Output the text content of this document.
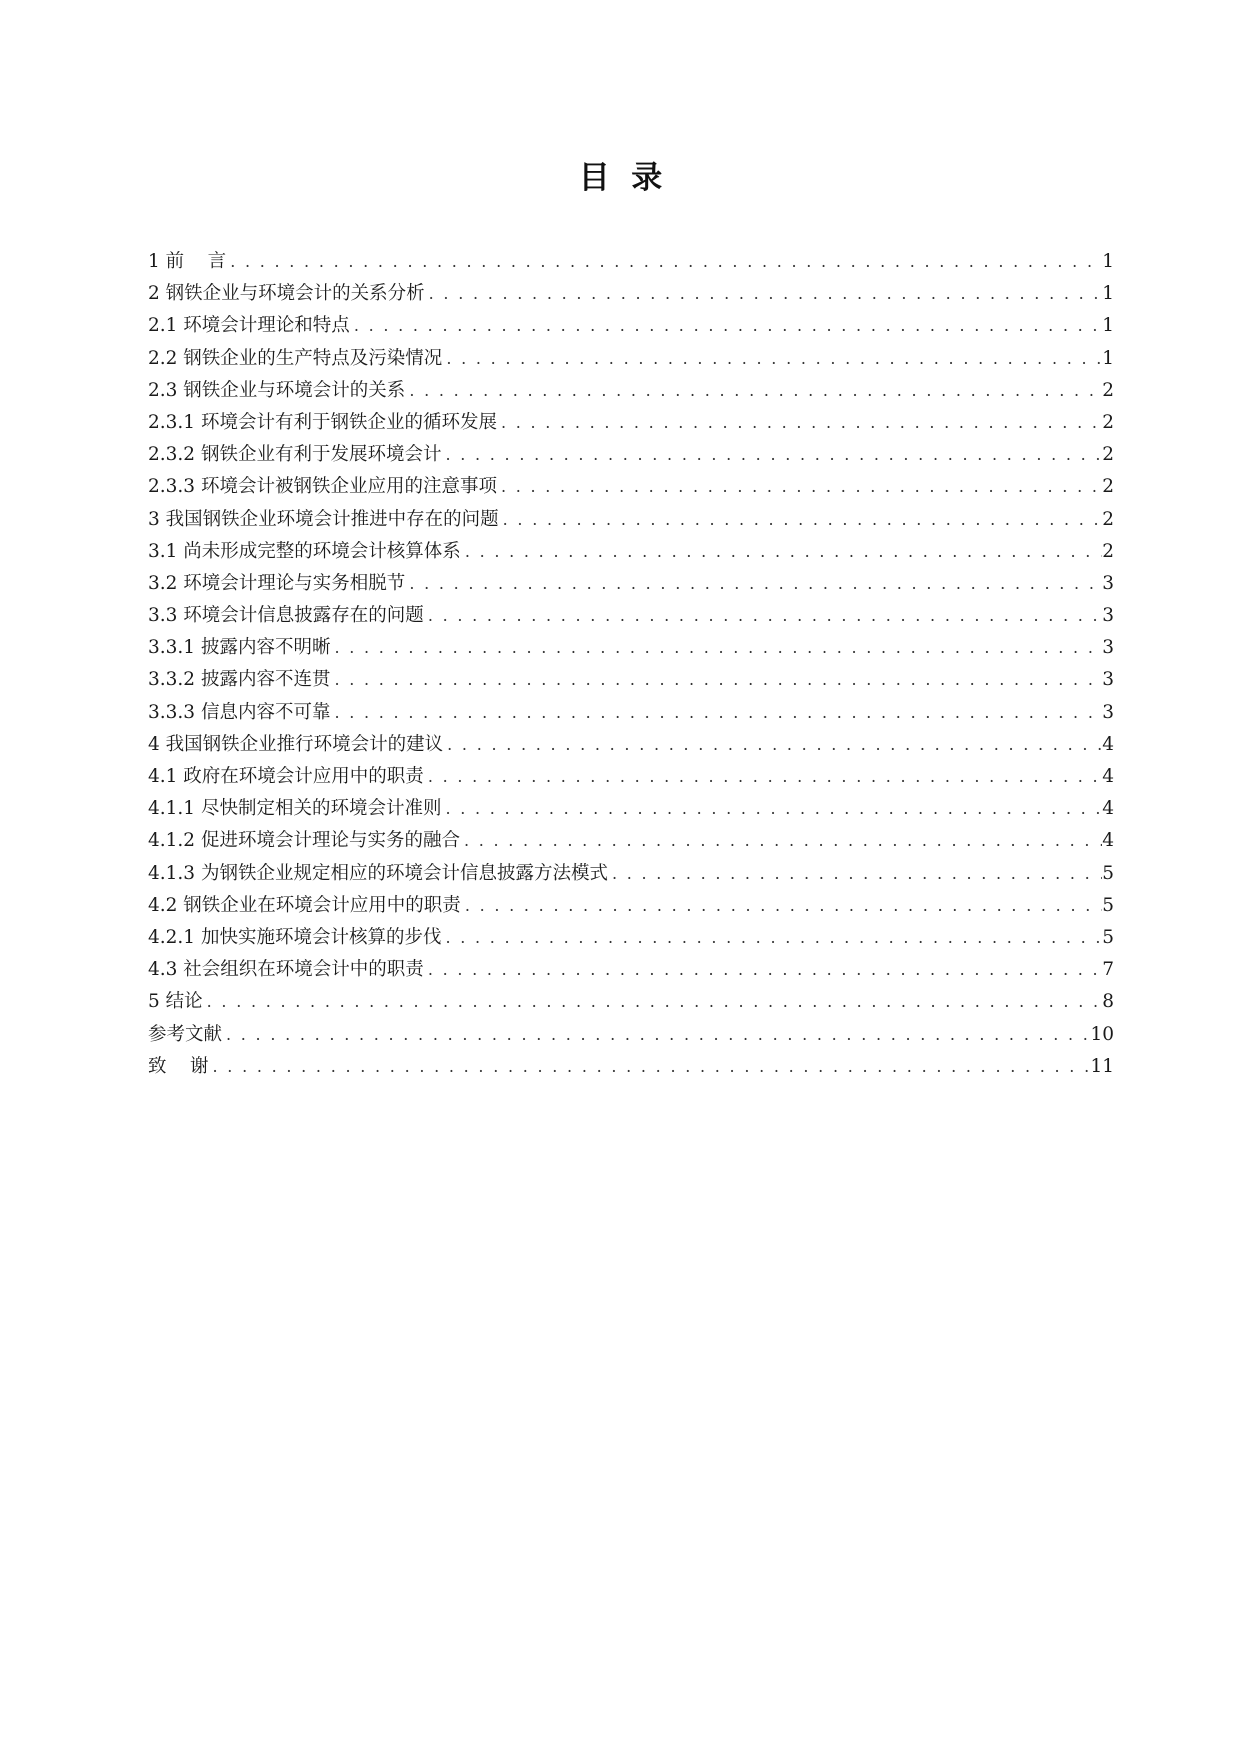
目  录
1 前    言 . . .	1
2 钢铁企业与环境会计的关系分析 . . .	1
2.1 环境会计理论和特点 . . .	1
2.2 钢铁企业的生产特点及污染情况 . . .	1
2.3 钢铁企业与环境会计的关系 . . .	2
2.3.1 环境会计有利于钢铁企业的循环发展 . . .	2
2.3.2 钢铁企业有利于发展环境会计 . . .	2
2.3.3 环境会计被钢铁企业应用的注意事项 . . .	2
3 我国钢铁企业环境会计推进中存在的问题 . . .	2
3.1 尚未形成完整的环境会计核算体系 . . .	2
3.2 环境会计理论与实务相脱节 . . .	3
3.3 环境会计信息披露存在的问题 . . .	3
3.3.1 披露内容不明晰 . . .	3
3.3.2 披露内容不连贯 . . .	3
3.3.3 信息内容不可靠 . . .	3
4 我国钢铁企业推行环境会计的建议 . . .	4
4.1 政府在环境会计应用中的职责 . . .	4
4.1.1 尽快制定相关的环境会计准则 . . .	4
4.1.2 促进环境会计理论与实务的融合 . . .	4
4.1.3 为钢铁企业规定相应的环境会计信息披露方法模式 . . .	5
4.2 钢铁企业在环境会计应用中的职责 . . .	5
4.2.1 加快实施环境会计核算的步伐 . . .	5
4.3 社会组织在环境会计中的职责 . . .	7
5 结论 . . .	8
参考文献 . . .	10
致    谢 . . .	11
